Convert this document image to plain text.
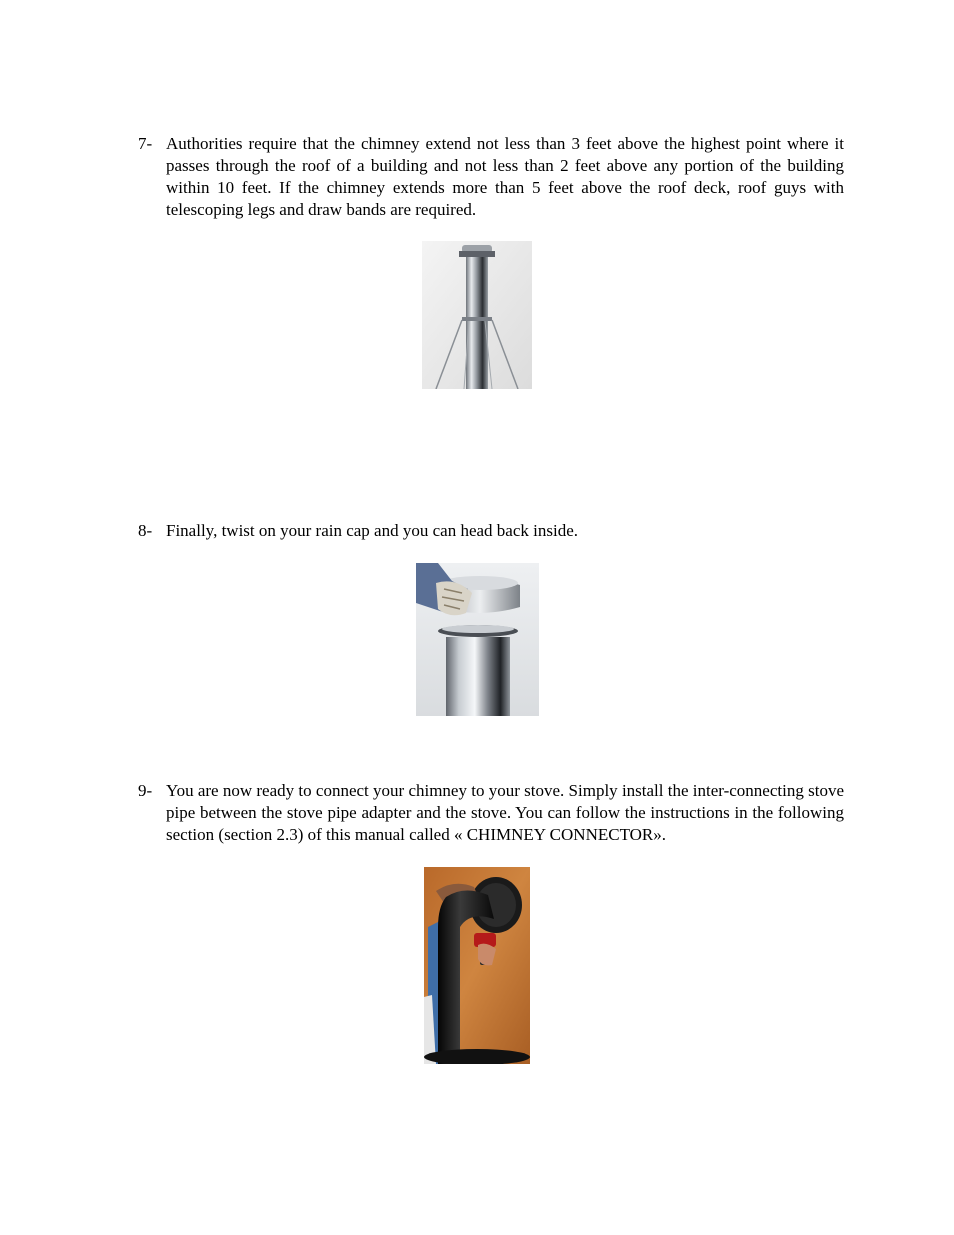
7- Authorities require that the chimney extend not less than 3 feet above the highest point where it passes through the roof of a building and not less than 2 feet above any portion of the building within 10 feet. If the chimney extends more than 5 feet above the roof deck, roof guys with telescoping legs and draw bands are required.
8- Finally, twist on your rain cap and you can head back inside.
9- You are now ready to connect your chimney to your stove. Simply install the inter-connecting stove pipe between the stove pipe adapter and the stove. You can follow the instructions in the following section (section 2.3) of this manual called « CHIMNEY CONNECTOR».
